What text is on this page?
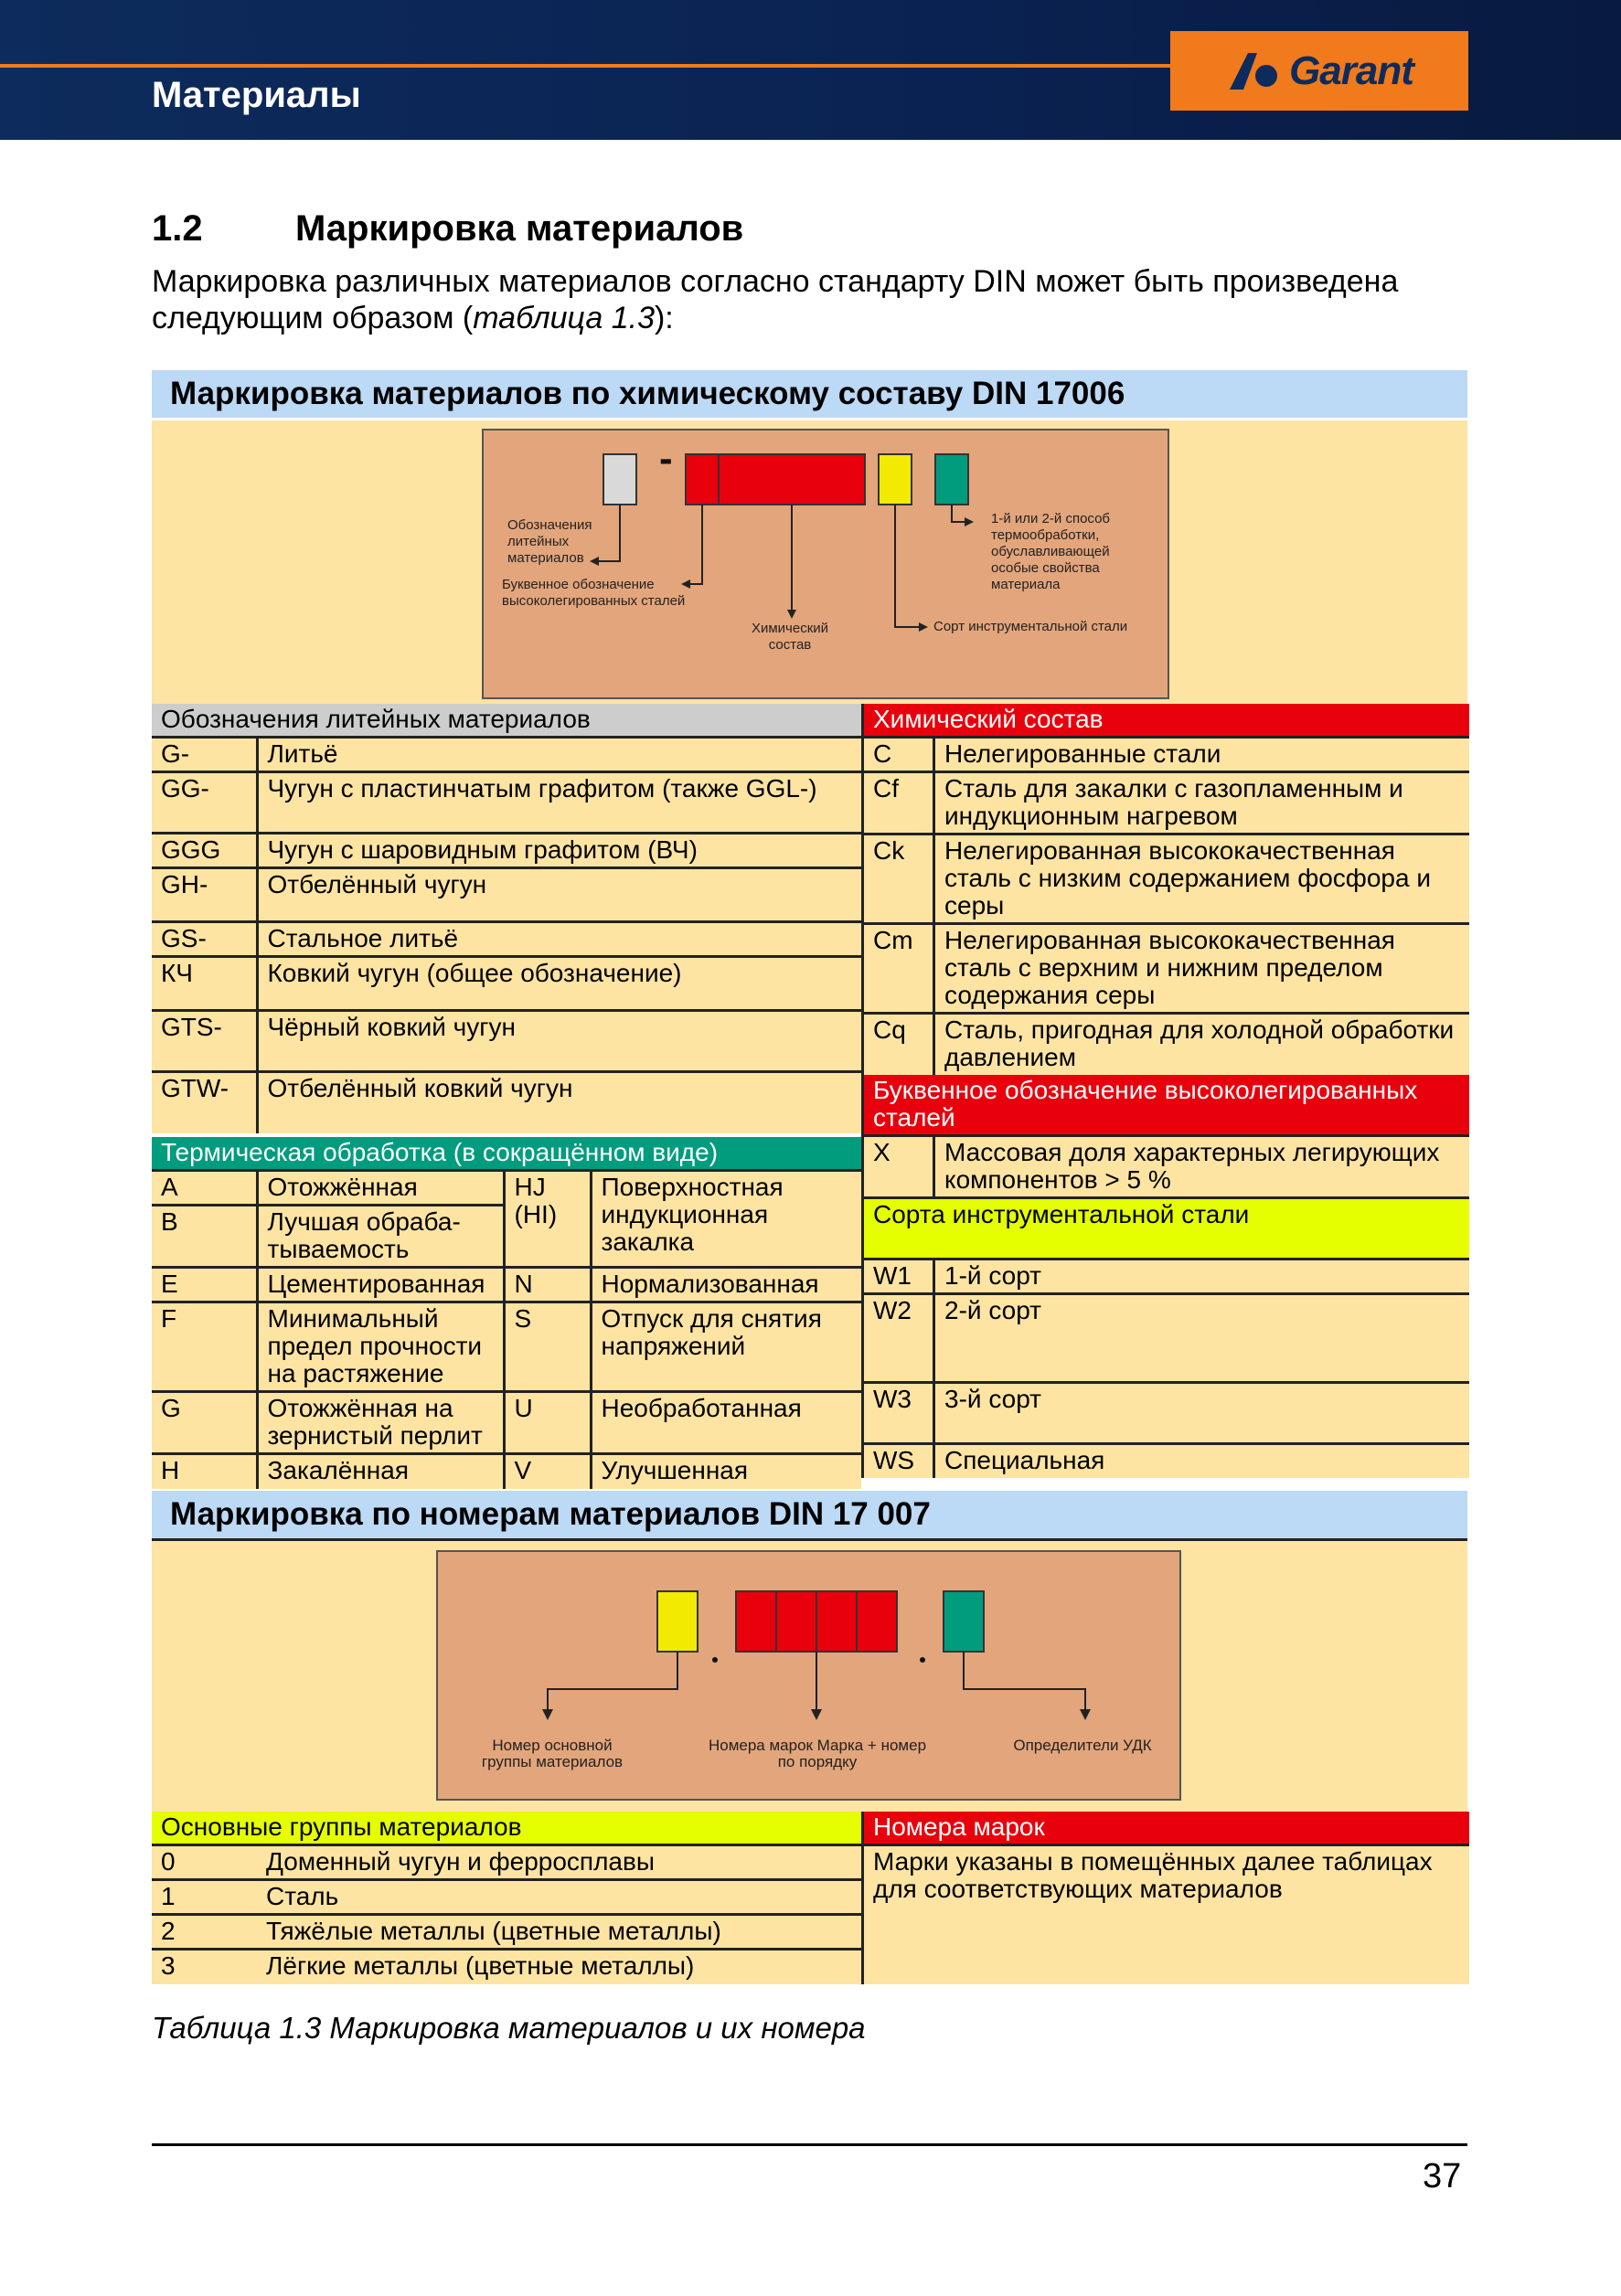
Материалы
Garant
1.2	Маркировка материалов
Маркировка различных материалов согласно стандарту DIN может быть произведена следующим образом (таблица 1.3):
Маркировка материалов по химическому составу DIN 17006
-
Обозначения литейных материалов
Буквенное обозначение высоколегированных сталей
Химический состав
1-й или 2-й способ термообработки, обуславливающей особые свойства материала
Сорт инструментальной стали
Обозначения литейных материалов	
G-	Литьё
GG-	Чугун с пластинчатым графитом (также GGL-)
GGG	Чугун с шаровидным графитом (ВЧ)
GH-	Отбелённый чугун
GS-	Стальное литьё
КЧ	Ковкий чугун (общее обозначение)
GTS-	Чёрный ковкий чугун
GTW-	Отбелённый ковкий чугун
Термическая обработка (в сокращённом виде)			
A	Отожжённая	HJ (HI)	Поверхностная индукционная закалка
B	Лучшая обраба-тываемость		
E	Цементированная	N	Нормализованная
F	Минимальный предел прочности на растяжение	S	Отпуск для снятия напряжений
G	Отожжённая на зернистый перлит	U	Необработанная
H	Закалённая	V	Улучшенная
Химический состав	
C	Нелегированные стали
Cf	Сталь для закалки с газопламенным и индукционным нагревом
Ck	Нелегированная высококачественная сталь с низким содержанием фосфора и серы
Cm	Нелегированная высококачественная сталь с верхним и нижним пределом содержания серы
Cq	Сталь, пригодная для холодной обработки давлением
Буквенное обозначение высоколегированных сталей	
X	Массовая доля характерных легирующих компонентов > 5 %
Сорта инструментальной стали	
W1	1-й сорт
W2	2-й сорт
W3	3-й сорт
WS	Специальная
Маркировка по номерам материалов DIN 17 007
Номер основной группы материалов
Номера марок Марка + номер по порядку
Определители УДК
Основные группы материалов	
0	Доменный чугун и ферросплавы
1	Сталь
2	Тяжёлые металлы (цветные металлы)
3	Лёгкие металлы (цветные металлы)
Номера марок
Марки указаны в помещённых далее таблицах для соответствующих материалов
Таблица 1.3 Маркировка материалов и их номера
37
